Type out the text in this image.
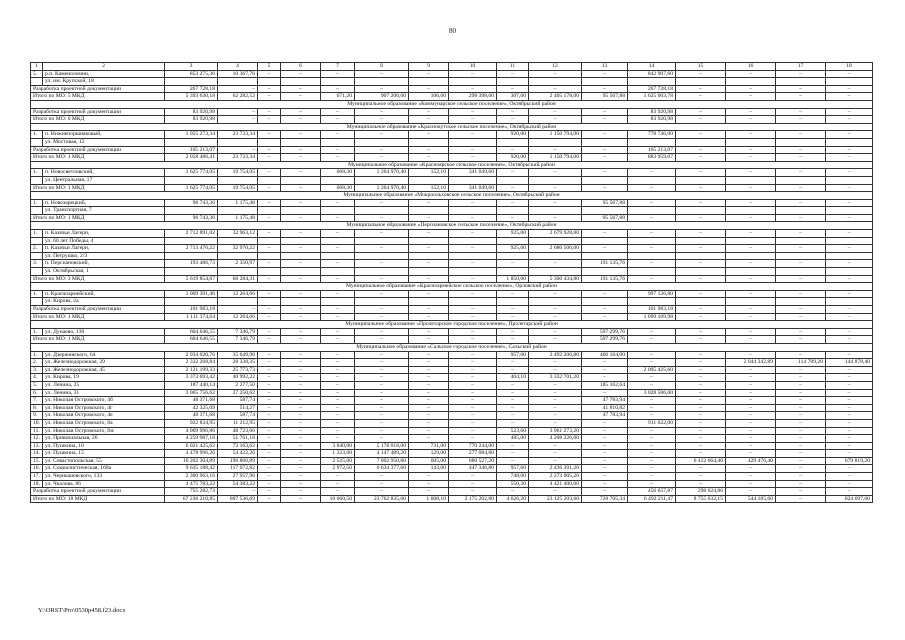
80
1	2	3	4	5	6	7	8	9	10	11	12	13	14	15	16	17	18
5.	р.п. Каменоломни,	853 275,36	10 367,76	–	–	–	–	–	–	–	–	–	842 907,60	–	–	–	–
	ул. им. Крупской, 18																
Разработка проектной документации		267 728,18	–	–	–	–	–	–	–	–	–	–	267 728,18	–	–	–	–
Итого по МО: 5 МКД		5 393 630,18	62 282,52	–	–	671,20	907 200,00	106,00	298 398,00	307,00	2 405 178,00	95 567,88	1 625 003,78	–	–	–	–
Муниципальное образование «Коммунарское сельское поселение», Октябрьский район																	
Разработка проектной документации		83 920,98	–	–	–	–	–	–	–	–	–	–	83 920,98	–	–	–	–
Итого по МО: 0 МКД		83 920,98	–	–	–	–	–	–	–	–	–	–	83 920,98	–	–	–	–
Муниципальное образование «Краснокутское сельское поселение», Октябрьский район																	
1.	п. Нижнепоршняковый,	1 955 273,34	23 733,34	–	–	–	–	–	–	920,00	1 150 794,00	–	778 746,00	–	–	–	–
	ул. Мостовая, 12																
Разработка проектной документации		105 213,07	–	–	–	–	–	–	–	–	–	–	105 213,07	–	–	–	–
Итого по МО: 1 МКД		2 058 486,41	23 733,34	–	–	–	–	–	–	920,00	1 150 794,00	–	883 959,07	–	–	–	–
Муниципальное образование «Красноярское сельское поселение», Октябрьский район																	
1.	п. Новосветловский,	1 625 774,05	19 754,05	–	–	668,30	1 264 970,40	152,10	341 049,60	–	–	–	–	–	–	–	–
	ул. Центральная, 17																
Итого по МО: 1 МКД		1 625 774,05	19 754,05	–	–	668,30	1 264 970,40	152,10	341 049,60	–	–	–	–	–	–	–	–
Муниципальное образование «Мокроольховское сельское поселение», Октябрьский район																	
1.	п. Новозарецкий,	96 743,36	1 175,48	–	–	–	–	–	–	–	–	95 567,88	–	–	–	–	–
	ул. Транспортная, 7																
Итого по МО: 1 МКД		96 743,36	1 175,48	–	–	–	–	–	–	–	–	95 567,88	–	–	–	–	–
Муниципальное образование «Персиановское сельское поселение», Октябрьский район																	
1.	п. Казачьи Лагери,	2 712 891,02	32 963,12	–	–	–	–	–	–	925,00	2 679 928,80	–	–	–	–	–	–
	ул. 60 лет Победы, 4																
2.	п. Казачьи Лагери,	2 713 476,22	32 970,22	–	–	–	–	–	–	925,00	2 680 506,00	–	–	–	–	–	–
	ул. Петрушко, 2/3																
3.	п. Персиановский,	193 486,73	2 350,97	–	–	–	–	–	–	–	–	191 135,76	–	–	–	–	–
	ул. Октябрьская, 1																
Итого по МО: 3 МКД		5 619 854,87	68 284,31	–	–	–	–	–	–	1 850,00	5 360 434,80	191 135,76	–	–	–	–	–
Муниципальное образование «Красноармейское сельское поселение», Орловский район																	
1.	п. Красноармейский,	1 009 391,46	12 264,66	–	–	–	–	–	–	–	–	–	997 126,80	–	–	–	–
	ул. Кирова, 2а																
Разработка проектной документации		101 983,18	–	–	–	–	–	–	–	–	–	–	101 983,18	–	–	–	–
Итого по МО: 1 МКД		1 111 374,64	12 264,66	–	–	–	–	–	–	–	–	–	1 099 109,98	–	–	–	–
Муниципальное образование «Пролетарское городское поселение», Пролетарский район																	
1.	ул. Дунаево, 130	604 646,55	7 346,79	–	–	–	–	–	–	–	–	597 299,76	–	–	–	–	–
Итого по МО: 1 МКД		604 646,55	7 346,79	–	–	–	–	–	–	–	–	597 299,76	–	–	–	–	–
Муниципальное образование «Сальское городское поселение», Сальский район																	
1.	ул. Дзержинского, 64	2 934 020,76	35 649,96	–	–	–	–	–	–	957,60	2 492 206,80	406 164,00	–	–	–	–	–
2.	ул. Железнодорожная, 39	2 332 268,84	28 338,35	–	–	–	–	–	–	–	–	–	–	–	2 044 342,89	114 709,20	144 878,40
3.	ул. Железнодорожная, 45	2 121 199,33	25 773,73	–	–	–	–	–	–	–	–	–	2 095 425,60	–	–	–	–
4.	ул. Кирова, 19	3 373 693,42	40 992,22	–	–	–	–	–	–	404,10	3 332 701,20	–	–	–	–	–	–
5.	ул. Ленина, 25	187 440,14	2 277,50	–	–	–	–	–	–	–	–	185 162,64	–	–	–	–	–
6.	ул. Ленина, 31	3 065 756,62	37 250,62	–	–	–	–	–	–	–	–	–	3 028 506,00	–	–	–	–
7.	ул. Николая Островского, 4б	48 371,68	587,74	–	–	–	–	–	–	–	–	47 783,94	–	–	–	–	–
8.	ул. Николая Островского, 4г	42 325,09	514,27	–	–	–	–	–	–	–	–	41 810,82	–	–	–	–	–
9.	ул. Николая Островского, 4е	48 371,68	587,74	–	–	–	–	–	–	–	–	47 783,94	–	–	–	–	–
10.	ул. Николая Островского, 8а	922 834,95	11 212,95	–	–	–	–	–	–	–	–	–	911 622,00	–	–	–	–
11.	ул. Николая Островского, 8ж	4 009 996,86	48 723,66	–	–	–	–	–	–	523,60	3 961 273,20	–	–	–	–	–	–
12.	ул. Привокзальная, 26	4 259 987,18	51 761,18	–	–	–	–	–	–	485,00	4 208 226,00	–	–	–	–	–	–
13.	ул. Пушкина, 10	6 021 425,62	73 163,62	–	–	3 840,00	5 178 018,00	731,00	770 244,00	–	–	–	–	–	–	–	–
14.	ул. Пушкина, 15	4 478 996,26	54 422,26	–	–	1 323,00	4 147 489,20	129,00	277 084,80	–	–	–	–	–	–	–	–
15.	ул. Севастопольская, 55	16 202 304,89	196 866,89	–	–	2 525,00	7 802 950,80	605,00	680 527,20	–	–	–	–	6 412 664,40	429 476,40	–	679 819,20
16.	ул. Социалистическая, 168а	9 635 188,42	117 072,82	–	–	2 972,50	6 634 377,60	143,00	447 346,80	957,60	2 436 391,20	–	–	–	–	–	–
17.	ул. Чернышевского, 133	2 300 963,16	27 957,96	–	–	–	–	–	–	748,00	2 273 005,20	–	–	–	–	–	–
18.	ул. Чкалова, 86	4 475 783,22	54 383,22	–	–	–	–	–	–	550,30	4 421 400,00	–	–	–	–	–	–
Разработка проектной документации		755 282,73	–	–	–	–	–	–	–	–	–	–	456 657,87	298 624,86	–	–	–
Итого по МО: 18 МКД		67 236 210,85	807 536,69	–	–	10 660,50	23 762 835,60	1 608,10	2 175 202,80	4 626,20	23 125 203,60	728 705,34	6 492 211,47	8 755 632,15	544 185,60	–	824 697,60
Y:\ORST\Pro\0530p458.f23.docx
